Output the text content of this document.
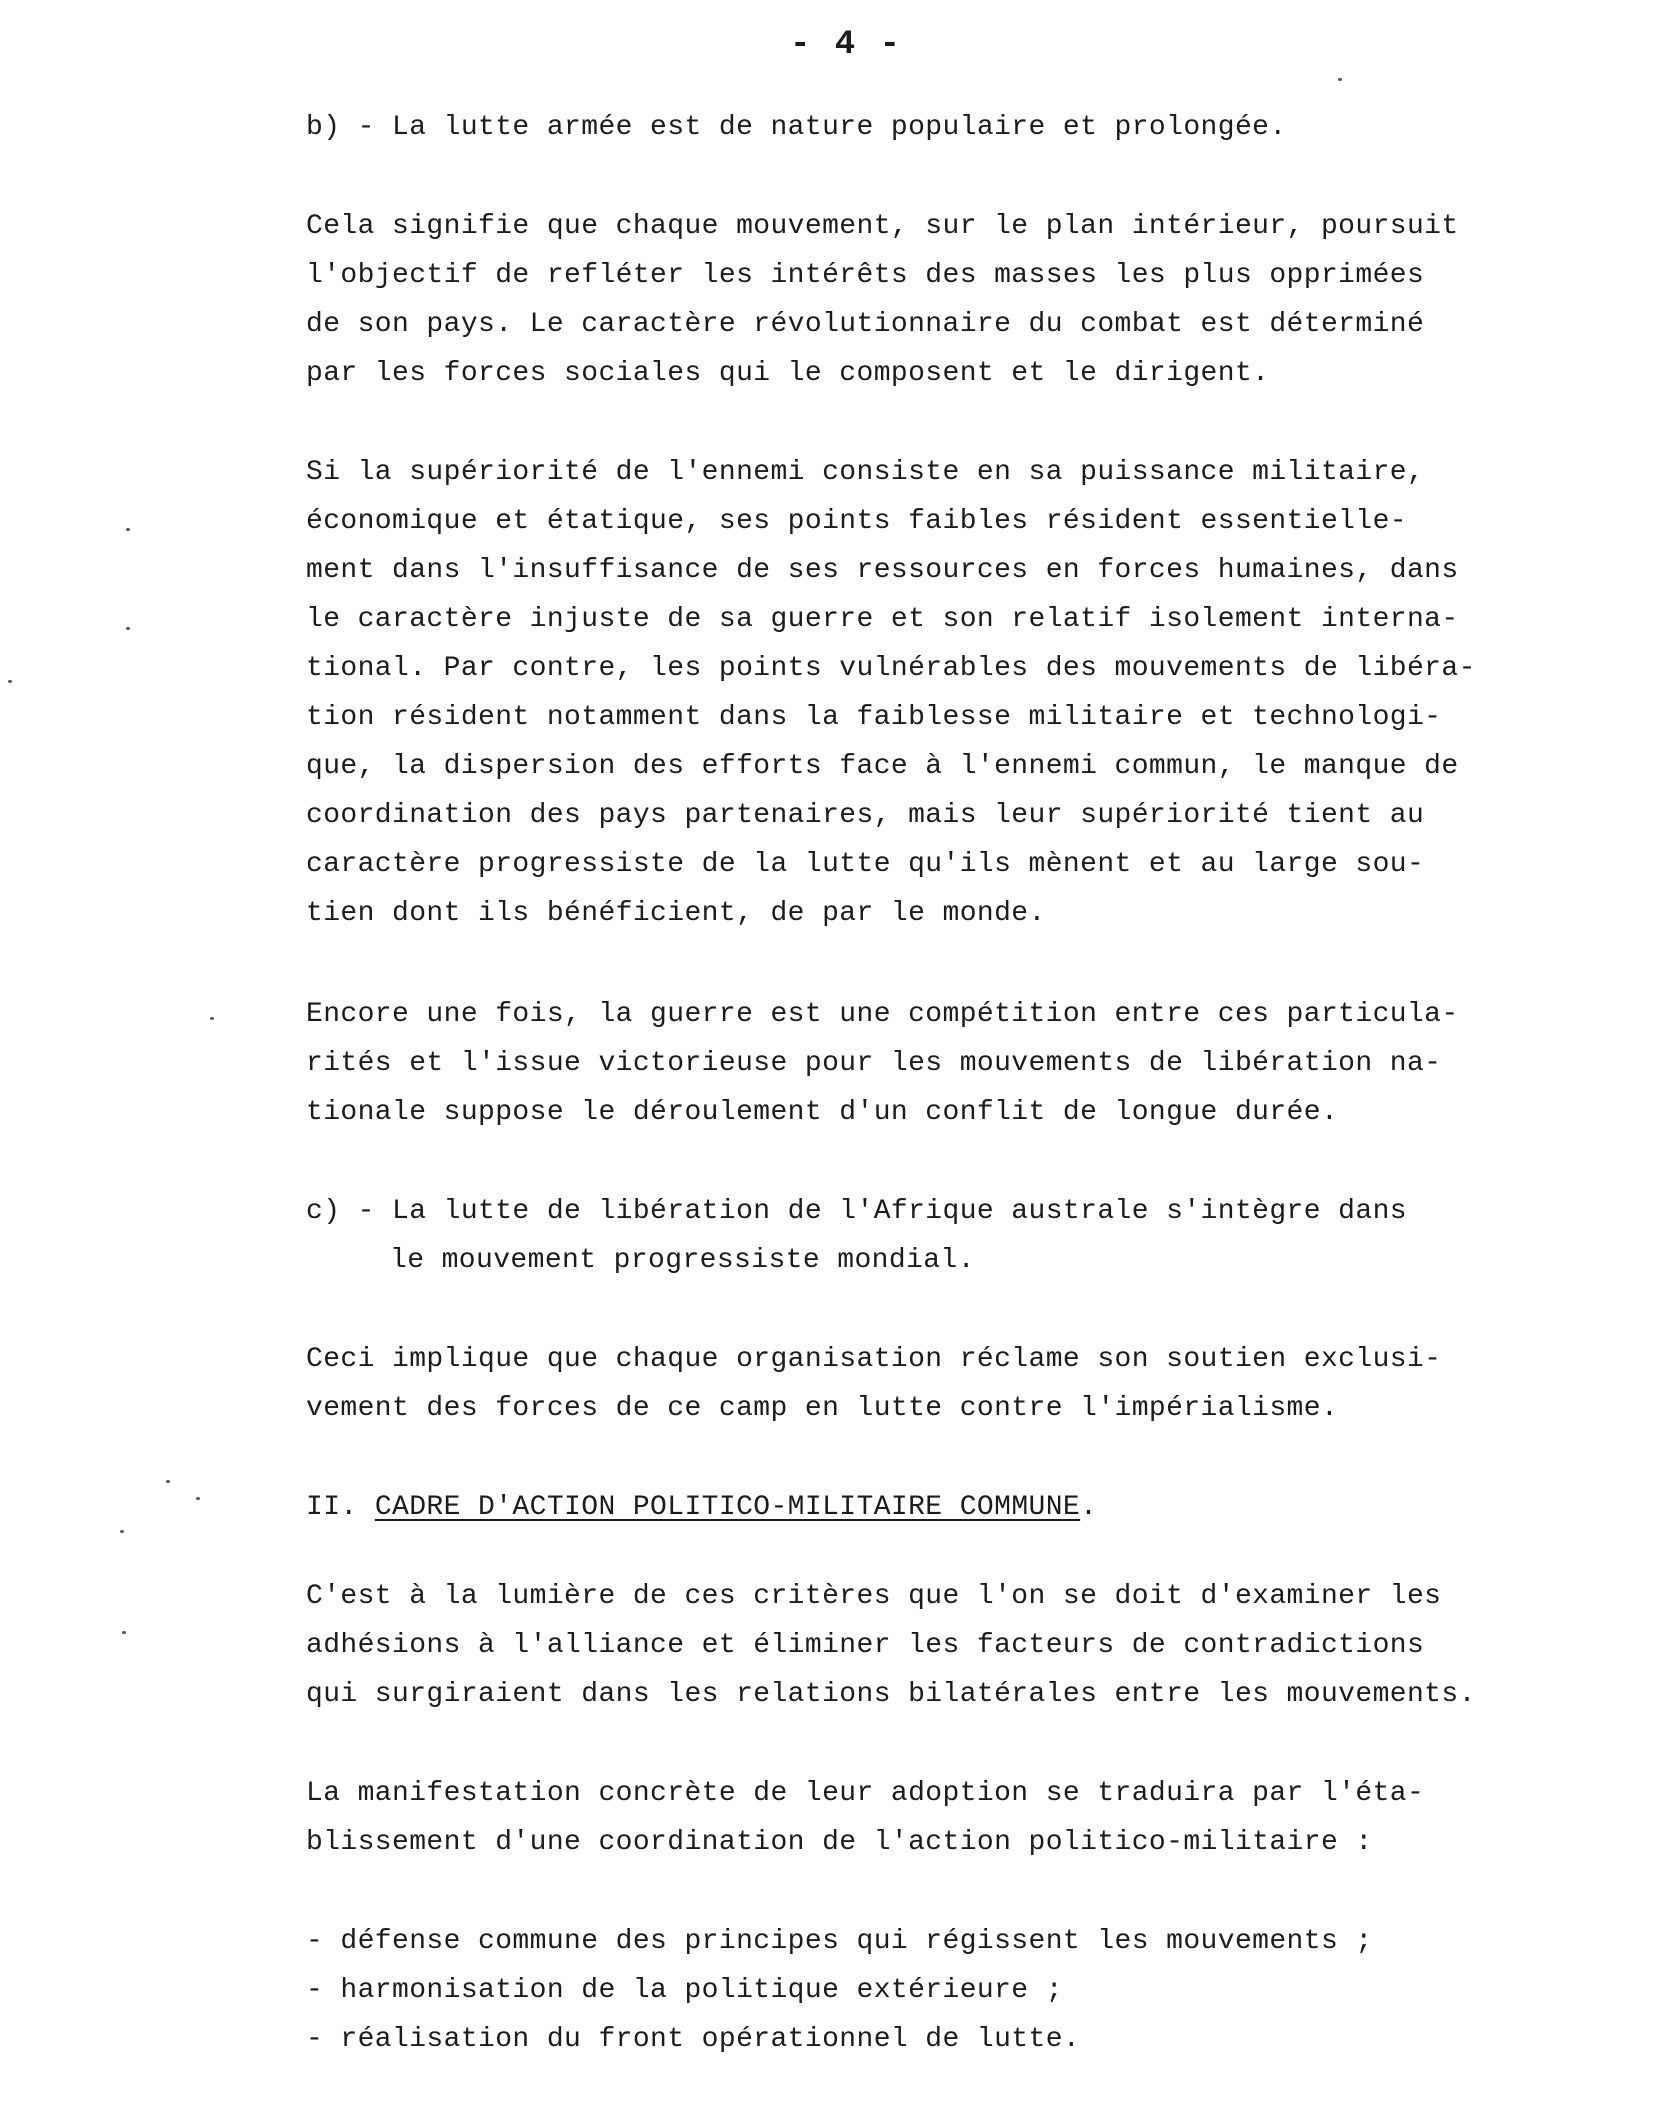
- 4 -
b) - La lutte armée est de nature populaire et prolongée.
Cela signifie que chaque mouvement, sur le plan intérieur, poursuit
l'objectif de refléter les intérêts des masses les plus opprimées
de son pays. Le caractère révolutionnaire du combat est déterminé
par les forces sociales qui le composent et le dirigent.
Si la supériorité de l'ennemi consiste en sa puissance militaire,
économique et étatique, ses points faibles résident essentielle-
ment dans l'insuffisance de ses ressources en forces humaines, dans
le caractère injuste de sa guerre et son relatif isolement interna-
tional. Par contre, les points vulnérables des mouvements de libéra-
tion résident notamment dans la faiblesse militaire et technologi-
que, la dispersion des efforts face à l'ennemi commun, le manque de
coordination des pays partenaires, mais leur supériorité tient au
caractère progressiste de la lutte qu'ils mènent et au large sou-
tien dont ils bénéficient, de par le monde.
Encore une fois, la guerre est une compétition entre ces particula-
rités et l'issue victorieuse pour les mouvements de libération na-
tionale suppose le déroulement d'un conflit de longue durée.
c) - La lutte de libération de l'Afrique australe s'intègre dans
le mouvement progressiste mondial.
Ceci implique que chaque organisation réclame son soutien exclusi-
vement des forces de ce camp en lutte contre l'impérialisme.
II. CADRE D'ACTION POLITICO-MILITAIRE COMMUNE.
C'est à la lumière de ces critères que l'on se doit d'examiner les
adhésions à l'alliance et éliminer les facteurs de contradictions
qui surgiraient dans les relations bilatérales entre les mouvements.
La manifestation concrète de leur adoption se traduira par l'éta-
blissement d'une coordination de l'action politico-militaire :
- défense commune des principes qui régissent les mouvements ;
- harmonisation de la politique extérieure ;
- réalisation du front opérationnel de lutte.
